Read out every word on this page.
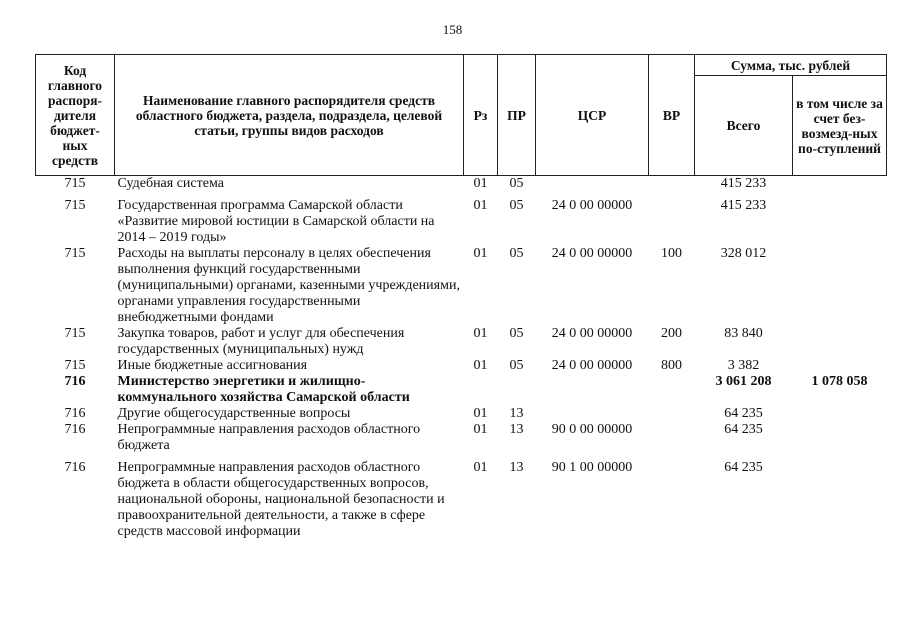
158
Код главного распоря-дителя бюджет-ных средств	Наименование главного распорядителя средств областного бюджета, раздела, подраздела, целевой статьи, группы видов расходов	Рз	ПР	ЦСР	ВР	Сумма, тыс. рублей	
						Всего	в том числе за счет без-возмезд-ных по-ступлений
715	Судебная система	01	05			415 233	
715	Государственная программа Самарской области «Развитие мировой юстиции в Самарской области на 2014 – 2019 годы»	01	05	24 0 00 00000		415 233	
715	Расходы на выплаты персоналу в целях обеспечения выполнения функций государственными (муниципальными) органами, казенными учреждениями, органами управления государственными внебюджетными фондами	01	05	24 0 00 00000	100	328 012	
715	Закупка товаров, работ и услуг для обеспечения государственных (муниципальных) нужд	01	05	24 0 00 00000	200	83 840	
715	Иные бюджетные ассигнования	01	05	24 0 00 00000	800	3 382	
716	Министерство энергетики и жилищно-коммунального хозяйства Самарской области					3 061 208	1 078 058
716	Другие общегосударственные вопросы	01	13			64 235	
716	Непрограммные направления расходов областного бюджета	01	13	90 0 00 00000		64 235	
716	Непрограммные направления расходов областного бюджета в области общегосударственных вопросов, национальной обороны, национальной безопасности и правоохранительной деятельности, а также в сфере средств массовой информации	01	13	90 1 00 00000		64 235	
